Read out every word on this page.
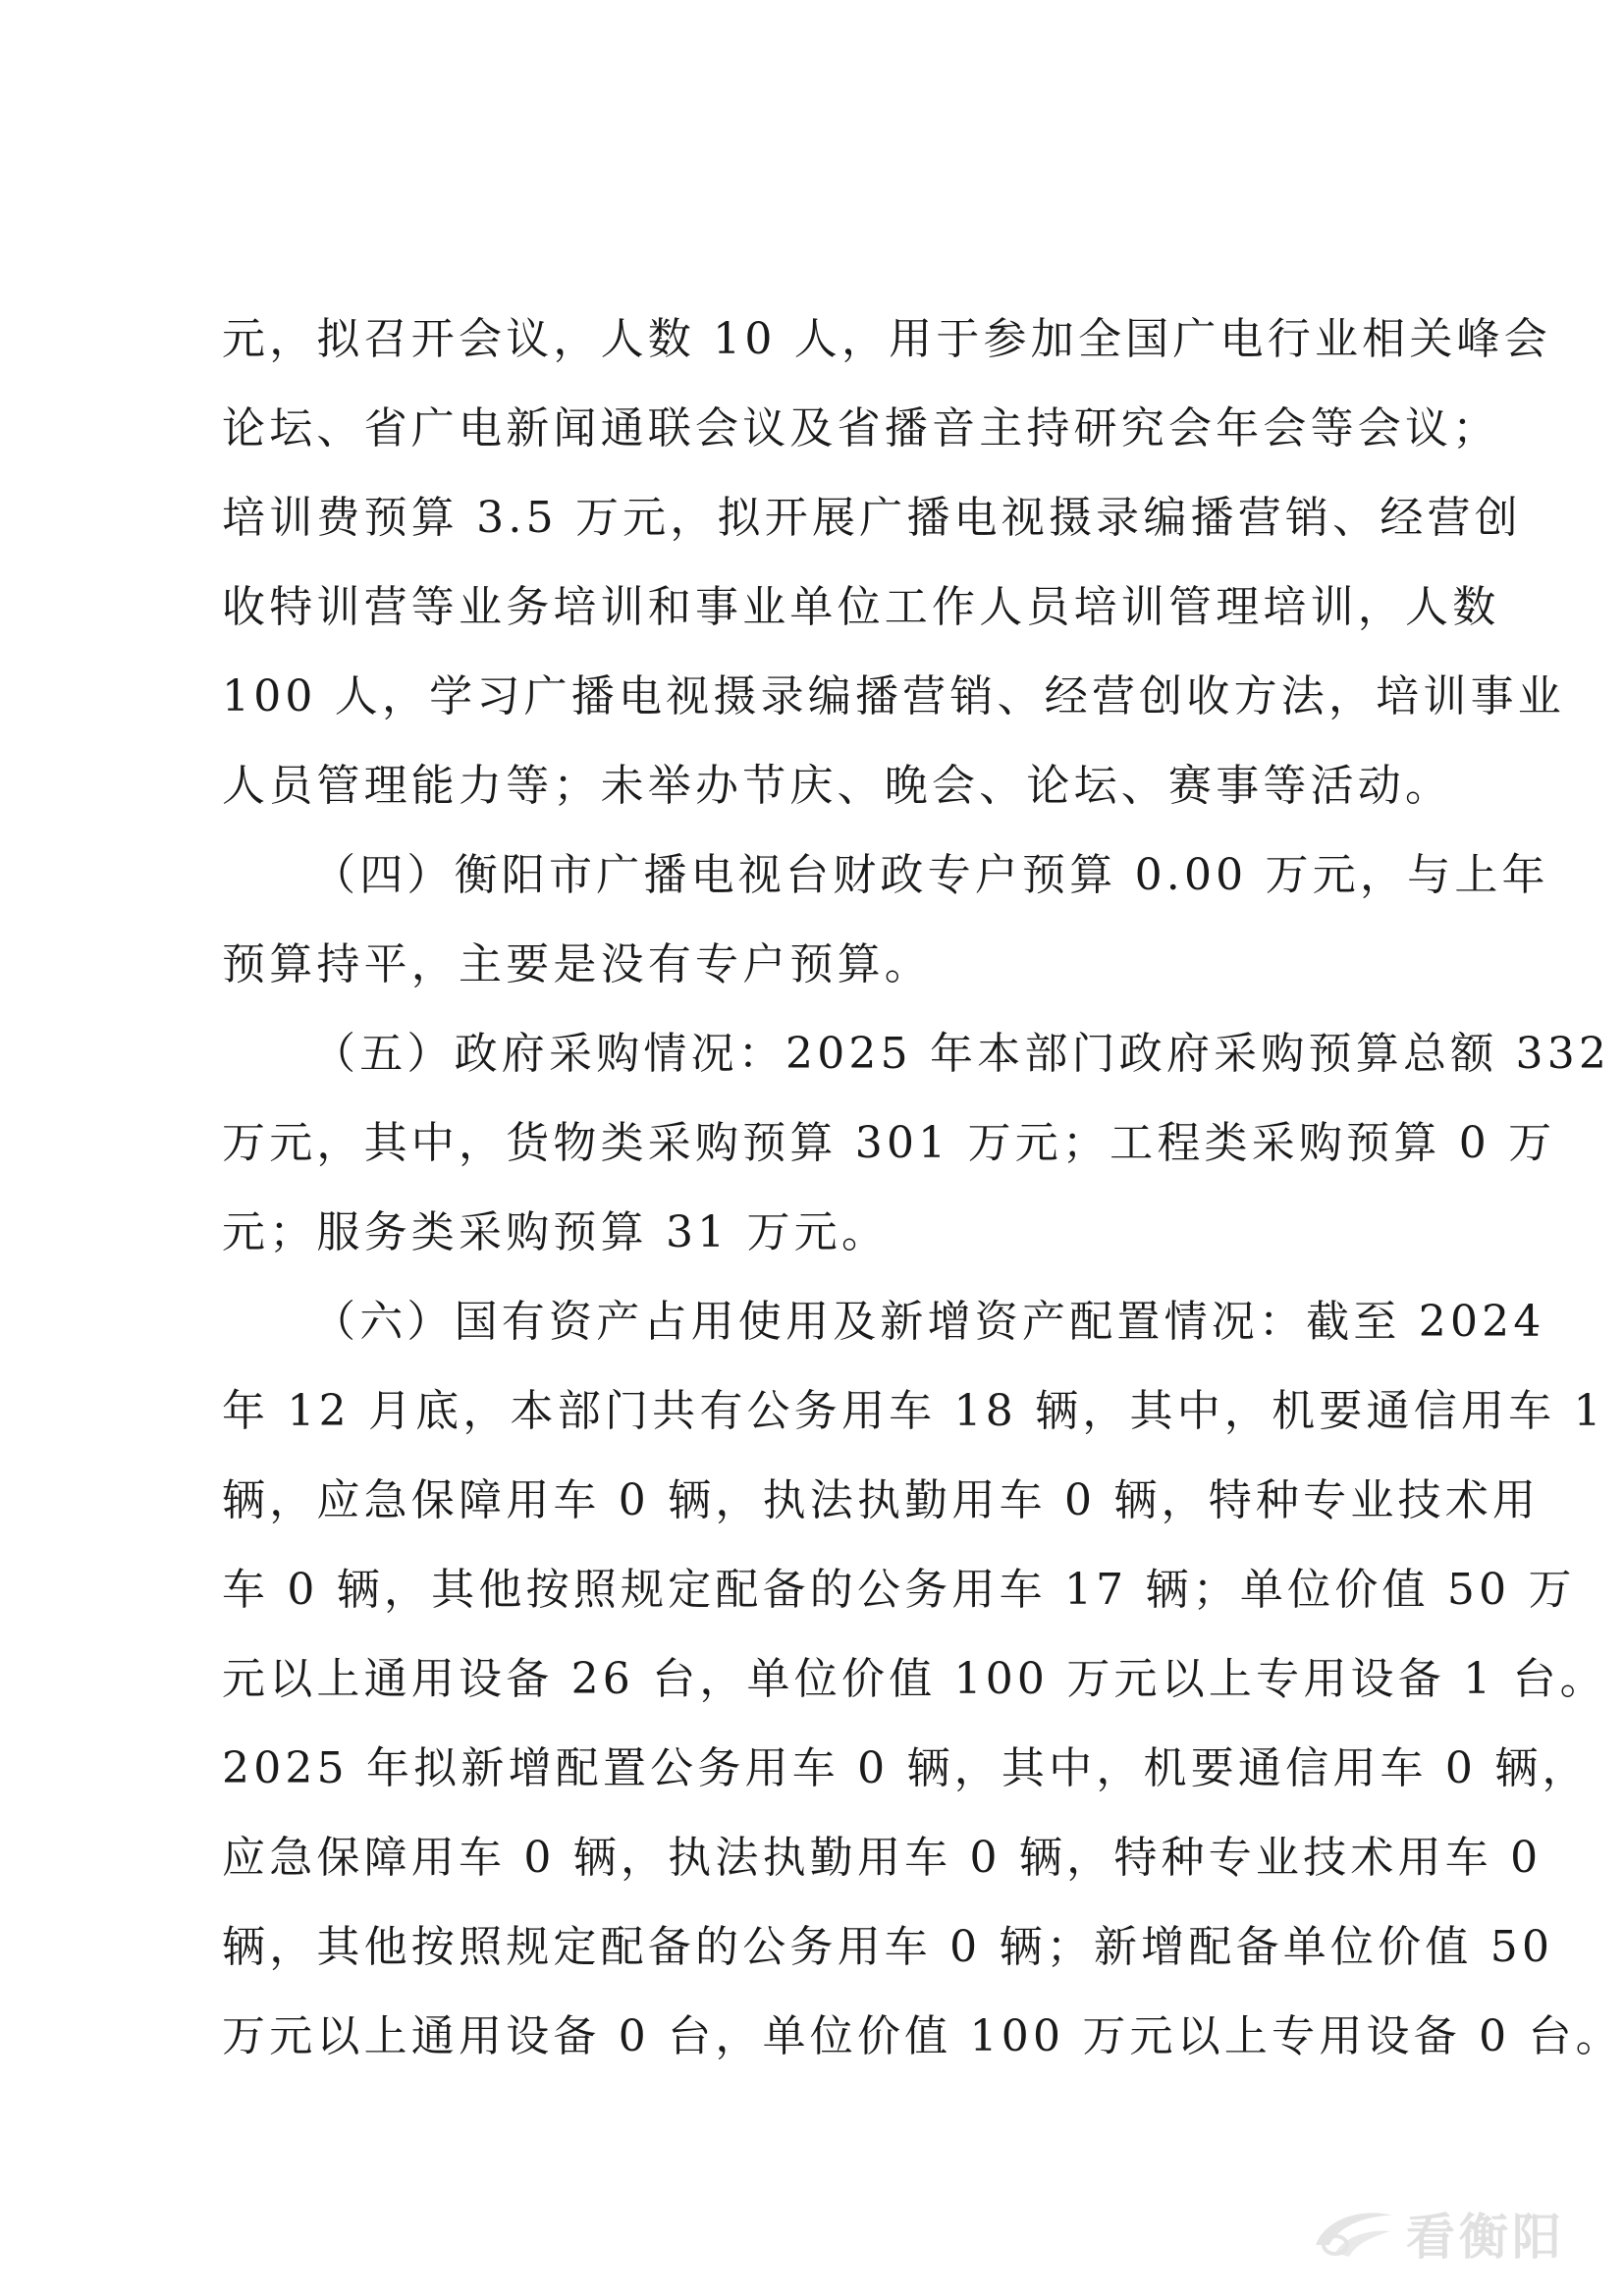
元，拟召开会议，人数 10 人，用于参加全国广电行业相关峰会
论坛、省广电新闻通联会议及省播音主持研究会年会等会议；
培训费预算 3.5 万元，拟开展广播电视摄录编播营销、经营创
收特训营等业务培训和事业单位工作人员培训管理培训，人数
100 人，学习广播电视摄录编播营销、经营创收方法，培训事业
人员管理能力等；未举办节庆、晚会、论坛、赛事等活动。
（四）衡阳市广播电视台财政专户预算 0.00 万元，与上年
预算持平，主要是没有专户预算。
（五）政府采购情况：2025 年本部门政府采购预算总额 332
万元，其中，货物类采购预算 301 万元；工程类采购预算 0 万
元；服务类采购预算 31 万元。
（六）国有资产占用使用及新增资产配置情况：截至 2024
年 12 月底，本部门共有公务用车 18 辆，其中，机要通信用车 1
辆，应急保障用车 0 辆，执法执勤用车 0 辆，特种专业技术用
车 0 辆，其他按照规定配备的公务用车 17 辆；单位价值 50 万
元以上通用设备 26 台，单位价值 100 万元以上专用设备 1 台。
2025 年拟新增配置公务用车 0 辆，其中，机要通信用车 0 辆，
应急保障用车 0 辆，执法执勤用车 0 辆，特种专业技术用车 0
辆，其他按照规定配备的公务用车 0 辆；新增配备单位价值 50
万元以上通用设备 0 台，单位价值 100 万元以上专用设备 0 台。
看衡阳
